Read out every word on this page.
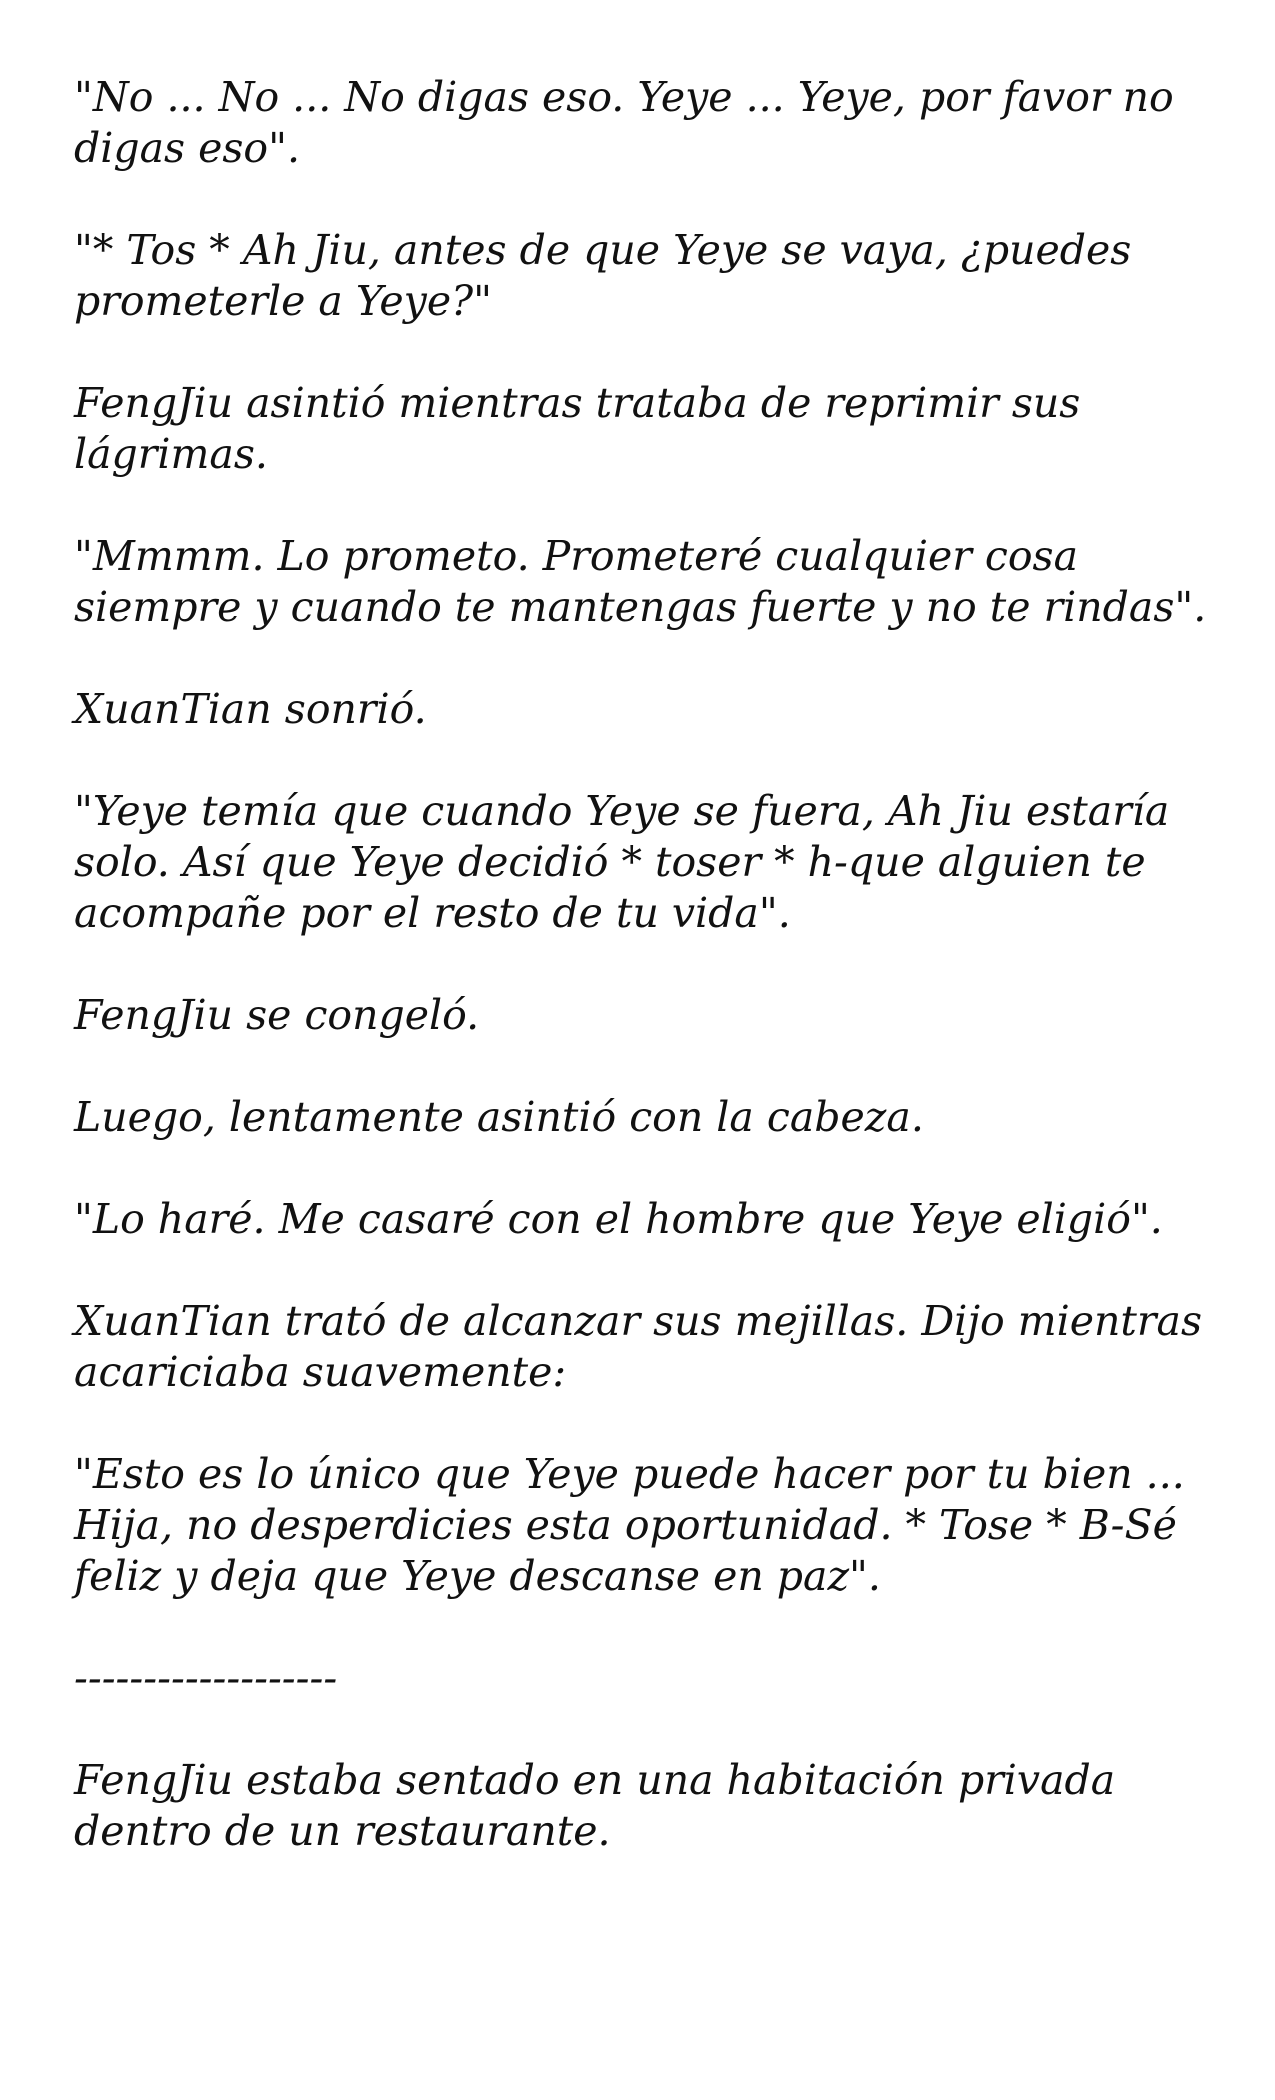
"No ... No ... No digas eso. Yeye ... Yeye, por favor no digas eso".

"* Tos * Ah Jiu, antes de que Yeye se vaya, ¿puedes prometerle a Yeye?"

FengJiu asintió mientras trataba de reprimir sus lágrimas.

"Mmmm. Lo prometo. Prometeré cualquier cosa siempre y cuando te mantengas fuerte y no te rindas".

XuanTian sonrió.

"Yeye temía que cuando Yeye se fuera, Ah Jiu estaría solo. Así que Yeye decidió * toser * h-que alguien te acompañe por el resto de tu vida".

FengJiu se congeló.

Luego, lentamente asintió con la cabeza.

"Lo haré. Me casaré con el hombre que Yeye eligió".

XuanTian trató de alcanzar sus mejillas. Dijo mientras acariciaba suavemente:

"Esto es lo único que Yeye puede hacer por tu bien ... Hija, no desperdicies esta oportunidad. * Tose * B-Sé feliz y deja que Yeye descanse en paz".

-------------------

FengJiu estaba sentado en una habitación privada dentro de un restaurante.
